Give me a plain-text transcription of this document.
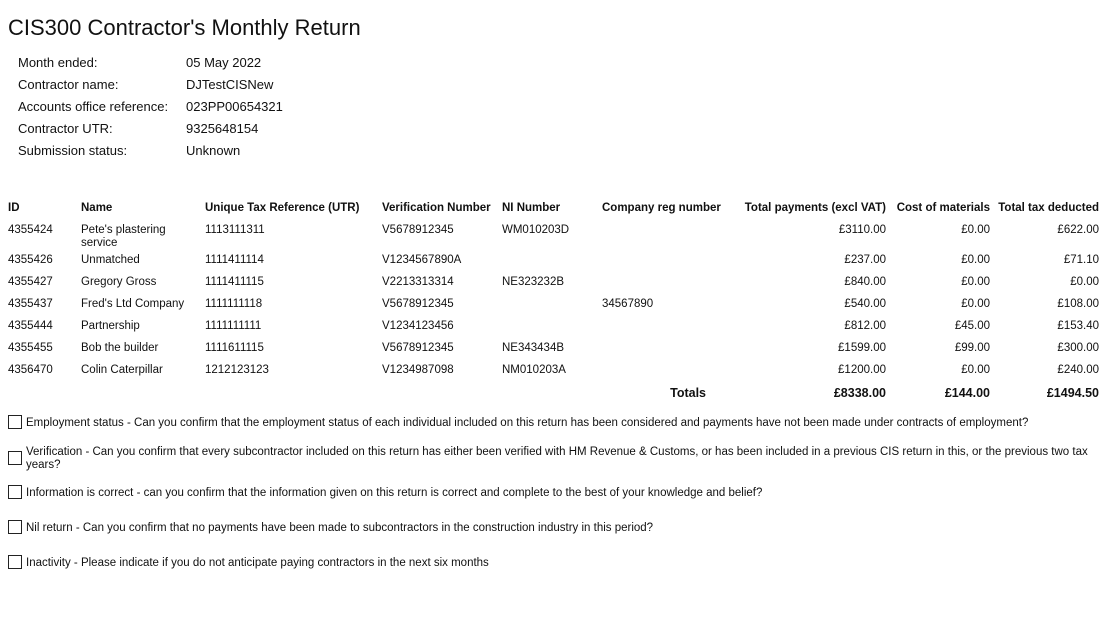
CIS300 Contractor's Monthly Return
Month ended:	05 May 2022
Contractor name:	DJTestCISNew
Accounts office reference:	023PP00654321
Contractor UTR:	9325648154
Submission status:	Unknown
ID	Name	Unique Tax Reference (UTR)	Verification Number	NI Number	Company reg number	Total payments (excl VAT)	Cost of materials	Total tax deducted
4355424	Pete's plastering service	1113111311	V5678912345	WM010203D		£3110.00	£0.00	£622.00
4355426	Unmatched	1111411114	V1234567890A			£237.00	£0.00	£71.10
4355427	Gregory Gross	1111411115	V2213313314	NE323232B		£840.00	£0.00	£0.00
4355437	Fred's Ltd Company	1111111118	V5678912345		34567890	£540.00	£0.00	£108.00
4355444	Partnership	1111111111	V1234123456			£812.00	£45.00	£153.40
4355455	Bob the builder	1111611115	V5678912345	NE343434B		£1599.00	£99.00	£300.00
4356470	Colin Caterpillar	1212123123	V1234987098	NM010203A		£1200.00	£0.00	£240.00
Totals						£8338.00	£144.00	£1494.50
Employment status - Can you confirm that the employment status of each individual included on this return has been considered and payments have not been made under contracts of employment?
Verification - Can you confirm that every subcontractor included on this return has either been verified with HM Revenue & Customs, or has been included in a previous CIS return in this, or the previous two tax years?
Information is correct - can you confirm that the information given on this return is correct and complete to the best of your knowledge and belief?
Nil return - Can you confirm that no payments have been made to subcontractors in the construction industry in this period?
Inactivity - Please indicate if you do not anticipate paying contractors in the next six months
